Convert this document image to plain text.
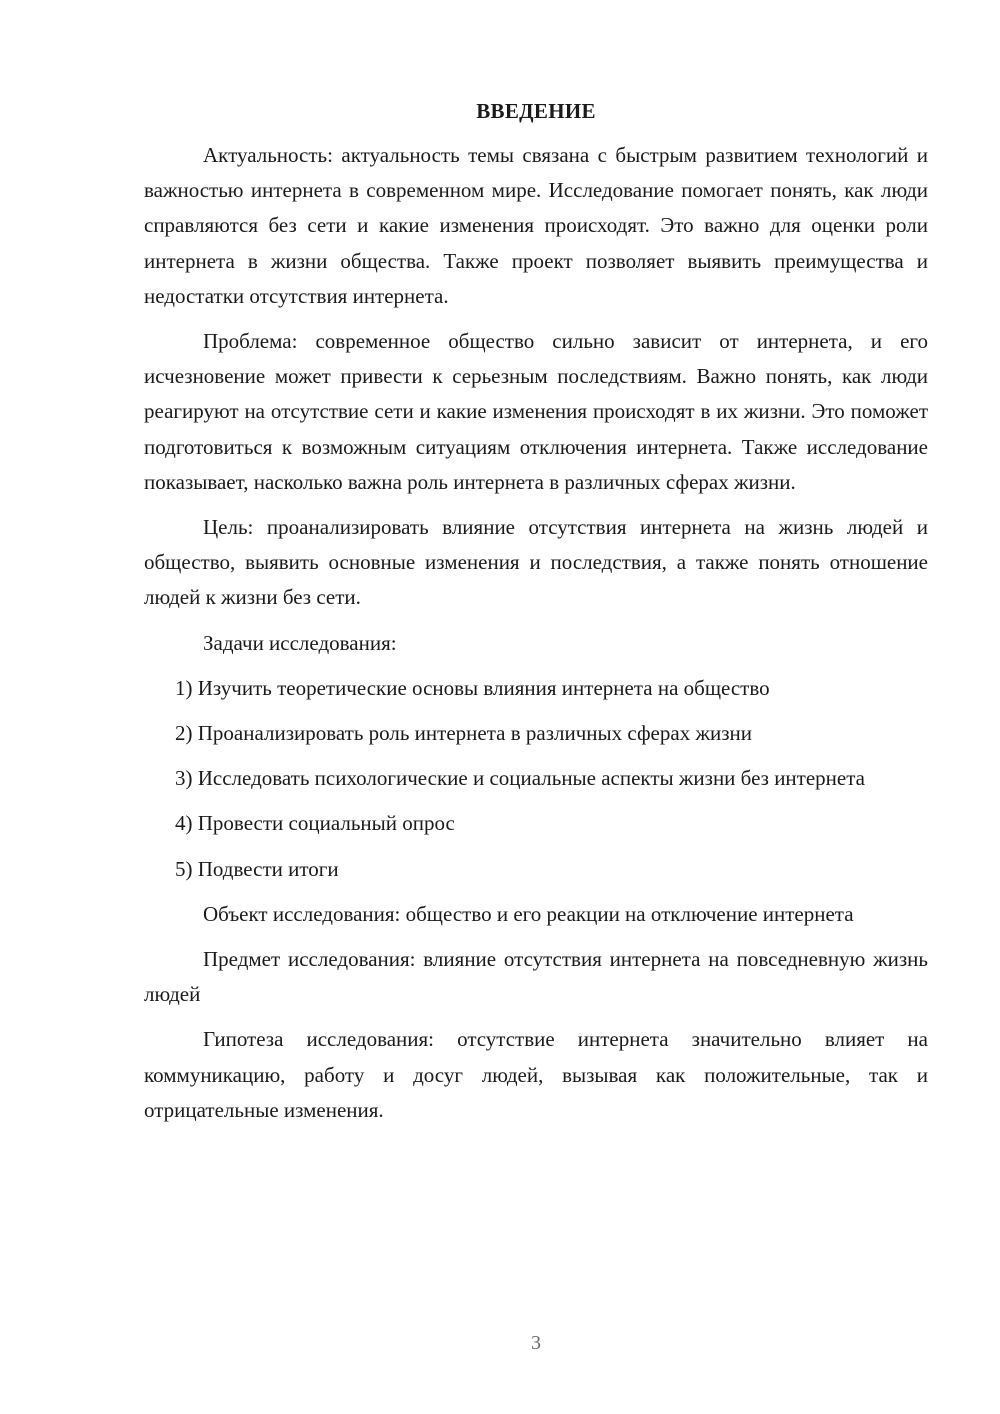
ВВЕДЕНИЕ

Актуальность: актуальность темы связана с быстрым развитием технологий и важностью интернета в современном мире. Исследование помогает понять, как люди справляются без сети и какие изменения происходят. Это важно для оценки роли интернета в жизни общества. Также проект позволяет выявить преимущества и недостатки отсутствия интернета.

Проблема: современное общество сильно зависит от интернета, и его исчезновение может привести к серьезным последствиям. Важно понять, как люди реагируют на отсутствие сети и какие изменения происходят в их жизни. Это поможет подготовиться к возможным ситуациям отключения интернета. Также исследование показывает, насколько важна роль интернета в различных сферах жизни.

Цель: проанализировать влияние отсутствия интернета на жизнь людей и общество, выявить основные изменения и последствия, а также понять отношение людей к жизни без сети.

Задачи исследования:

1) Изучить теоретические основы влияния интернета на общество

2) Проанализировать роль интернета в различных сферах жизни

3) Исследовать психологические и социальные аспекты жизни без интернета

4) Провести социальный опрос

5) Подвести итоги

Объект исследования: общество и его реакции на отключение интернета

Предмет исследования: влияние отсутствия интернета на повседневную жизнь людей

Гипотеза исследования: отсутствие интернета значительно влияет на коммуникацию, работу и досуг людей, вызывая как положительные, так и отрицательные изменения.

3
